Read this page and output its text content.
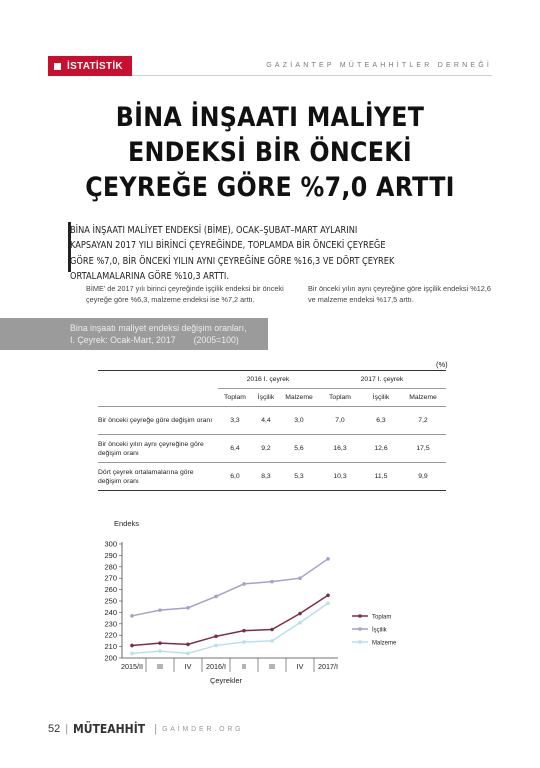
İSTATİSTİK	GAZİANTEP MÜTEAHHİTLER DERNEĞİ
BİNA İNŞAATI MALİYET
ENDEKSİ BİR ÖNCEKİ
ÇEYREĞE GÖRE %7,0 ARTTI
BİNA İNŞAATI MALİYET ENDEKSİ (BİME), OCAK–ŞUBAT–MART AYLARINI KAPSAYAN 2017 YILI BİRİNCİ ÇEYREĞİNDE, TOPLAMDA BİR ÖNCEKİ ÇEYREĞE GÖRE %7,0, BİR ÖNCEKİ YILIN AYNI ÇEYREĞİNE GÖRE %16,3 VE DÖRT ÇEYREK ORTALAMALARINA GÖRE %10,3 ARTTI.
BİME' de 2017 yılı birinci çeyreğinde işçilik endeksi bir önceki çeyreğe göre %6,3, malzeme endeksi ise %7,2 arttı.
Bir önceki yılın aynı çeyreğine göre işçilik endeksi %12,6 ve malzeme endeksi %17,5 arttı.
Bina inşaatı maliyet endeksi değişim oranları,
I. Çeyrek: Ocak-Mart, 2017 (2005=100)
(%)
	2016 I. çeyrek			2017 I. çeyrek		
	Toplam	İşçilik	Malzeme	Toplam	İşçilik	Malzeme
Bir önceki çeyreğe göre değişim oranı	3,3	4,4	3,0	7,0	6,3	7,2
Bir önceki yılın aynı çeyreğine göre değişim oranı	6,4	9,2	5,6	16,3	12,6	17,5
Dört çeyrek ortalamalarına göre değişim oranı	6,0	8,3	5,3	10,3	11,5	9,9
Endeks
200
210
220
230
240
250
260
270
280
290
300
2015/II III	IV 2016/I II	III	IV 2017/I
Çeyrekler
Toplam
İşçilik
Malzeme
52 | MÜTEAHHİT | GAİMDER.ORG
